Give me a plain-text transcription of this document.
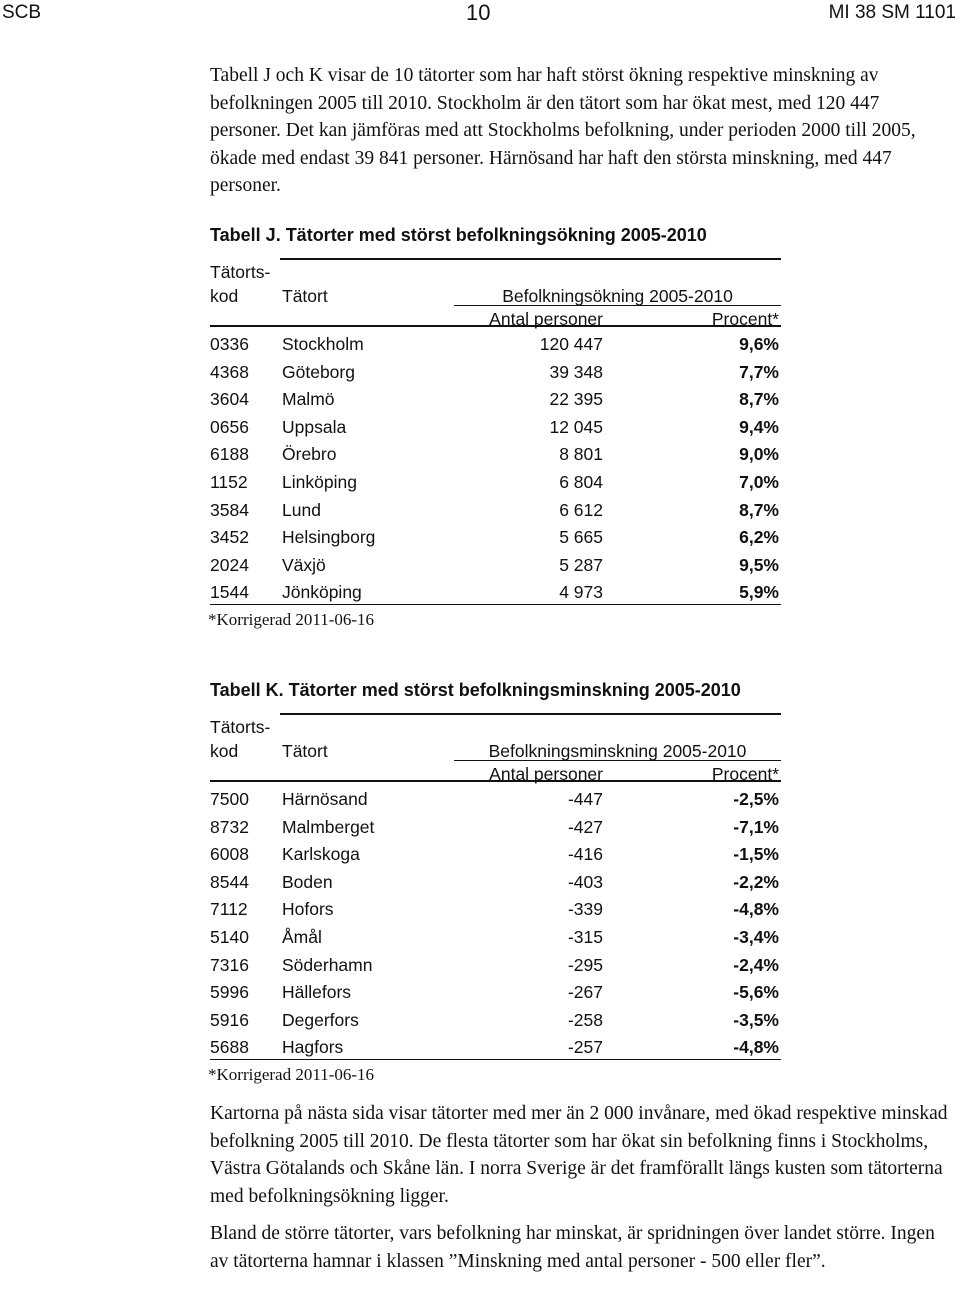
SCB	10	MI 38 SM 1101

Tabell J och K visar de 10 tätorter som har haft störst ökning respektive minskning av befolkningen 2005 till 2010. Stockholm är den tätort som har ökat mest, med 120 447 personer. Det kan jämföras med att Stockholms befolkning, under perioden 2000 till 2005, ökade med endast 39 841 personer. Härnösand har haft den största minskning, med 447 personer.

Tabell J. Tätorter med störst befolkningsökning 2005-2010
Tätorts-
kod	Tätort	Befolkningsökning 2005-2010
Antal personer	Procent*
0336 Stockholm	120 447	9,6%
4368 Göteborg	39 348	7,7%
3604 Malmö	22 395	8,7%
0656 Uppsala	12 045	9,4%
6188 Örebro	8 801	9,0%
1152 Linköping	6 804	7,0%
3584 Lund	6 612	8,7%
3452 Helsingborg	5 665	6,2%
2024 Växjö	5 287	9,5%
1544 Jönköping	4 973	5,9%
*Korrigerad 2011-06-16
Tabell K. Tätorter med störst befolkningsminskning 2005-2010
Tätorts-
kod	Tätort	Befolkningsminskning 2005-2010
Antal personer	Procent*
7500 Härnösand	-447	-2,5%
8732 Malmberget	-427	-7,1%
6008 Karlskoga	-416	-1,5%
8544 Boden	-403	-2,2%
7112 Hofors	-339	-4,8%
5140 Åmål	-315	-3,4%
7316 Söderhamn	-295	-2,4%
5996 Hällefors	-267	-5,6%
5916 Degerfors	-258	-3,5%
5688 Hagfors	-257	-4,8%
*Korrigerad 2011-06-16

Kartorna på nästa sida visar tätorter med mer än 2 000 invånare, med ökad respektive minskad befolkning 2005 till 2010. De flesta tätorter som har ökat sin befolkning finns i Stockholms, Västra Götalands och Skåne län. I norra Sverige är det framförallt längs kusten som tätorterna med befolkningsökning ligger.

Bland de större tätorter, vars befolkning har minskat, är spridningen över landet större. Ingen av tätorterna hamnar i klassen ”Minskning med antal personer - 500 eller fler”.
